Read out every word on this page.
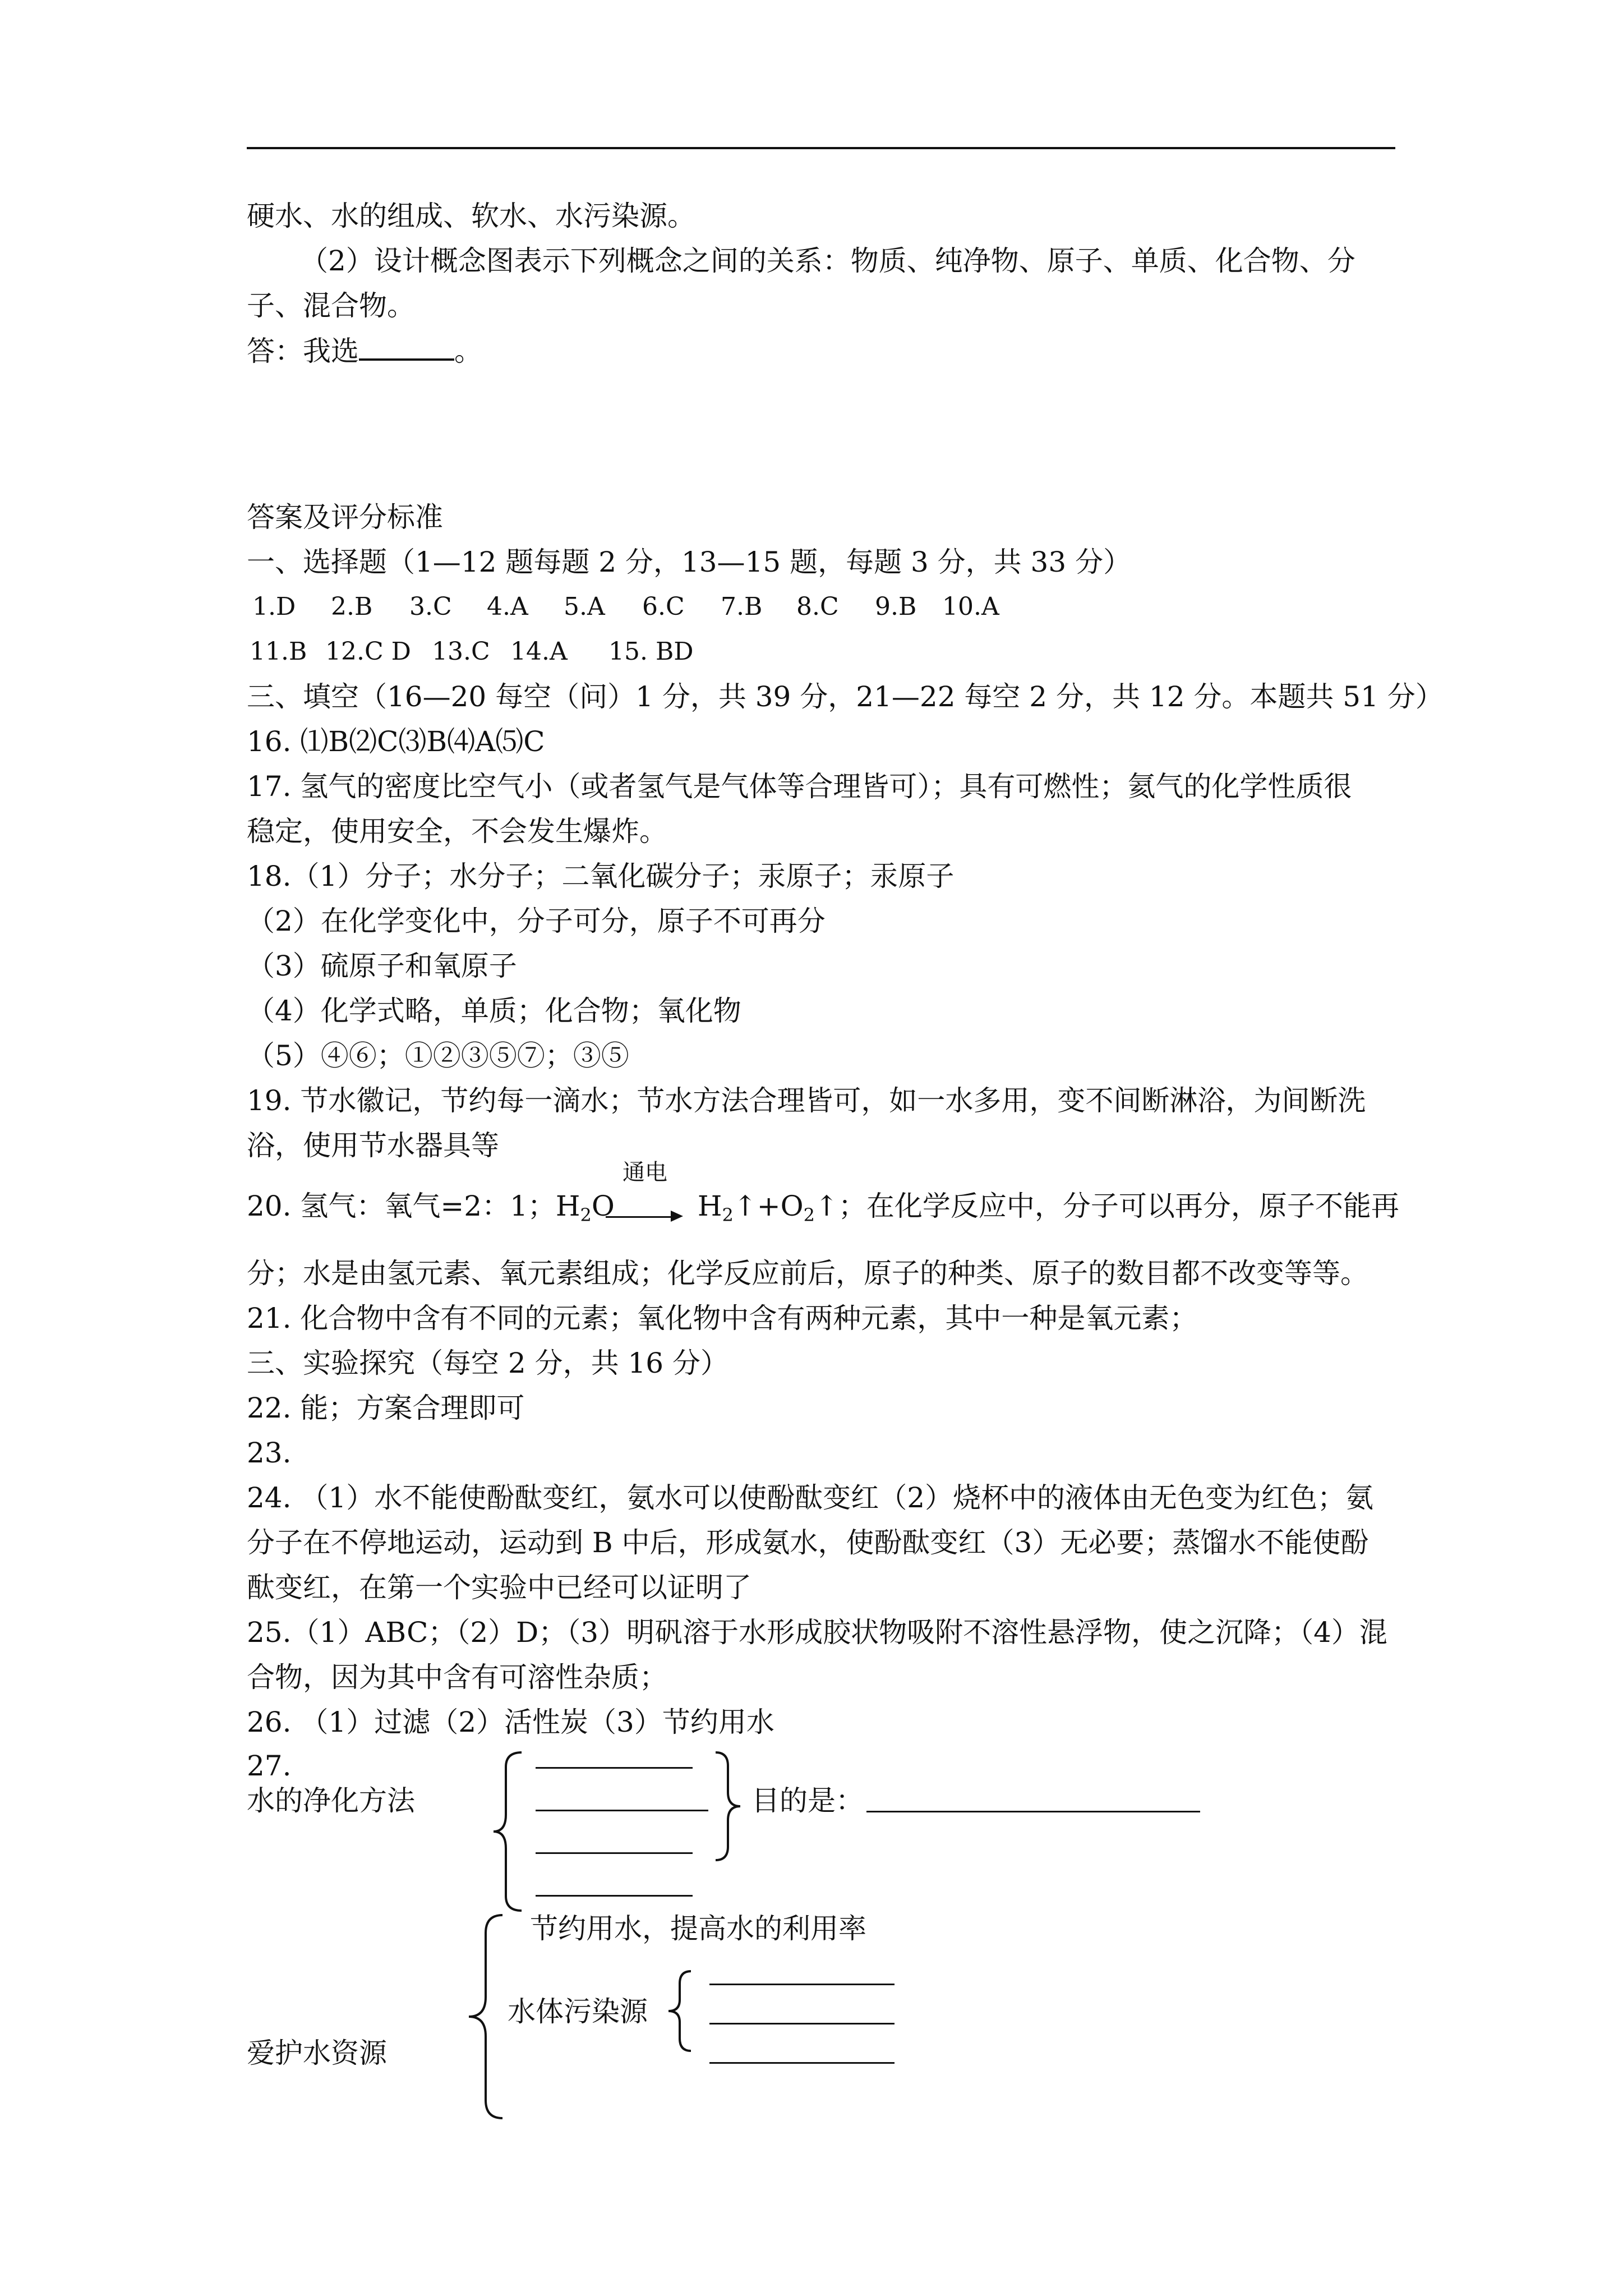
硬水、水的组成、软水、水污染源。
（2）设计概念图表示下列概念之间的关系：物质、纯净物、原子、单质、化合物、分
子、混合物。
答：我选	。
答案及评分标准
一、选择题（1—12 题每题 2 分，13—15 题，每题 3 分，共 33 分）
1.D 2.B 3.C 4.A 5.A 6.C 7.B 8.C 9.B 10.A
11.B 12.C D 13.C 14.A 15. BD
三、填空（16—20 每空（问）1 分，共 39 分，21—22 每空 2 分，共 12 分。本题共 51 分）
16. ⑴B⑵C⑶B⑷A⑸C
17. 氢气的密度比空气小（或者氢气是气体等合理皆可）；具有可燃性；氦气的化学性质很
稳定，使用安全，不会发生爆炸。
18.（1）分子；水分子；二氧化碳分子；汞原子；汞原子
（2）在化学变化中，分子可分，原子不可再分
（3）硫原子和氧原子
（4）化学式略，单质；化合物；氧化物
（5）④⑥；①②③⑤⑦；③⑤
19. 节水徽记，节约每一滴水；节水方法合理皆可，如一水多用，变不间断淋浴，为间断洗
浴，使用节水器具等
20. 氢气：氧气=2：1；$H_2O$	$H_2↑+O_2↑$；在化学反应中，分子可以再分，原子不能再
通电
分；水是由氢元素、氧元素组成；化学反应前后，原子的种类、原子的数目都不改变等等。
21. 化合物中含有不同的元素；氧化物中含有两种元素，其中一种是氧元素；
三、实验探究（每空 2 分，共 16 分）
22. 能；方案合理即可
23.
24. （1）水不能使酚酞变红，氨水可以使酚酞变红（2）烧杯中的液体由无色变为红色；氨
分子在不停地运动，运动到 B 中后，形成氨水，使酚酞变红（3）无必要；蒸馏水不能使酚
酞变红，在第一个实验中已经可以证明了
25.（1）ABC；（2）D；（3）明矾溶于水形成胶状物吸附不溶性悬浮物，使之沉降；（4）混
合物，因为其中含有可溶性杂质；
26. （1）过滤（2）活性炭（3）节约用水
27.
水的净化方法	目的是：
爱护水资源
节约用水，提高水的利用率
水体污染源
